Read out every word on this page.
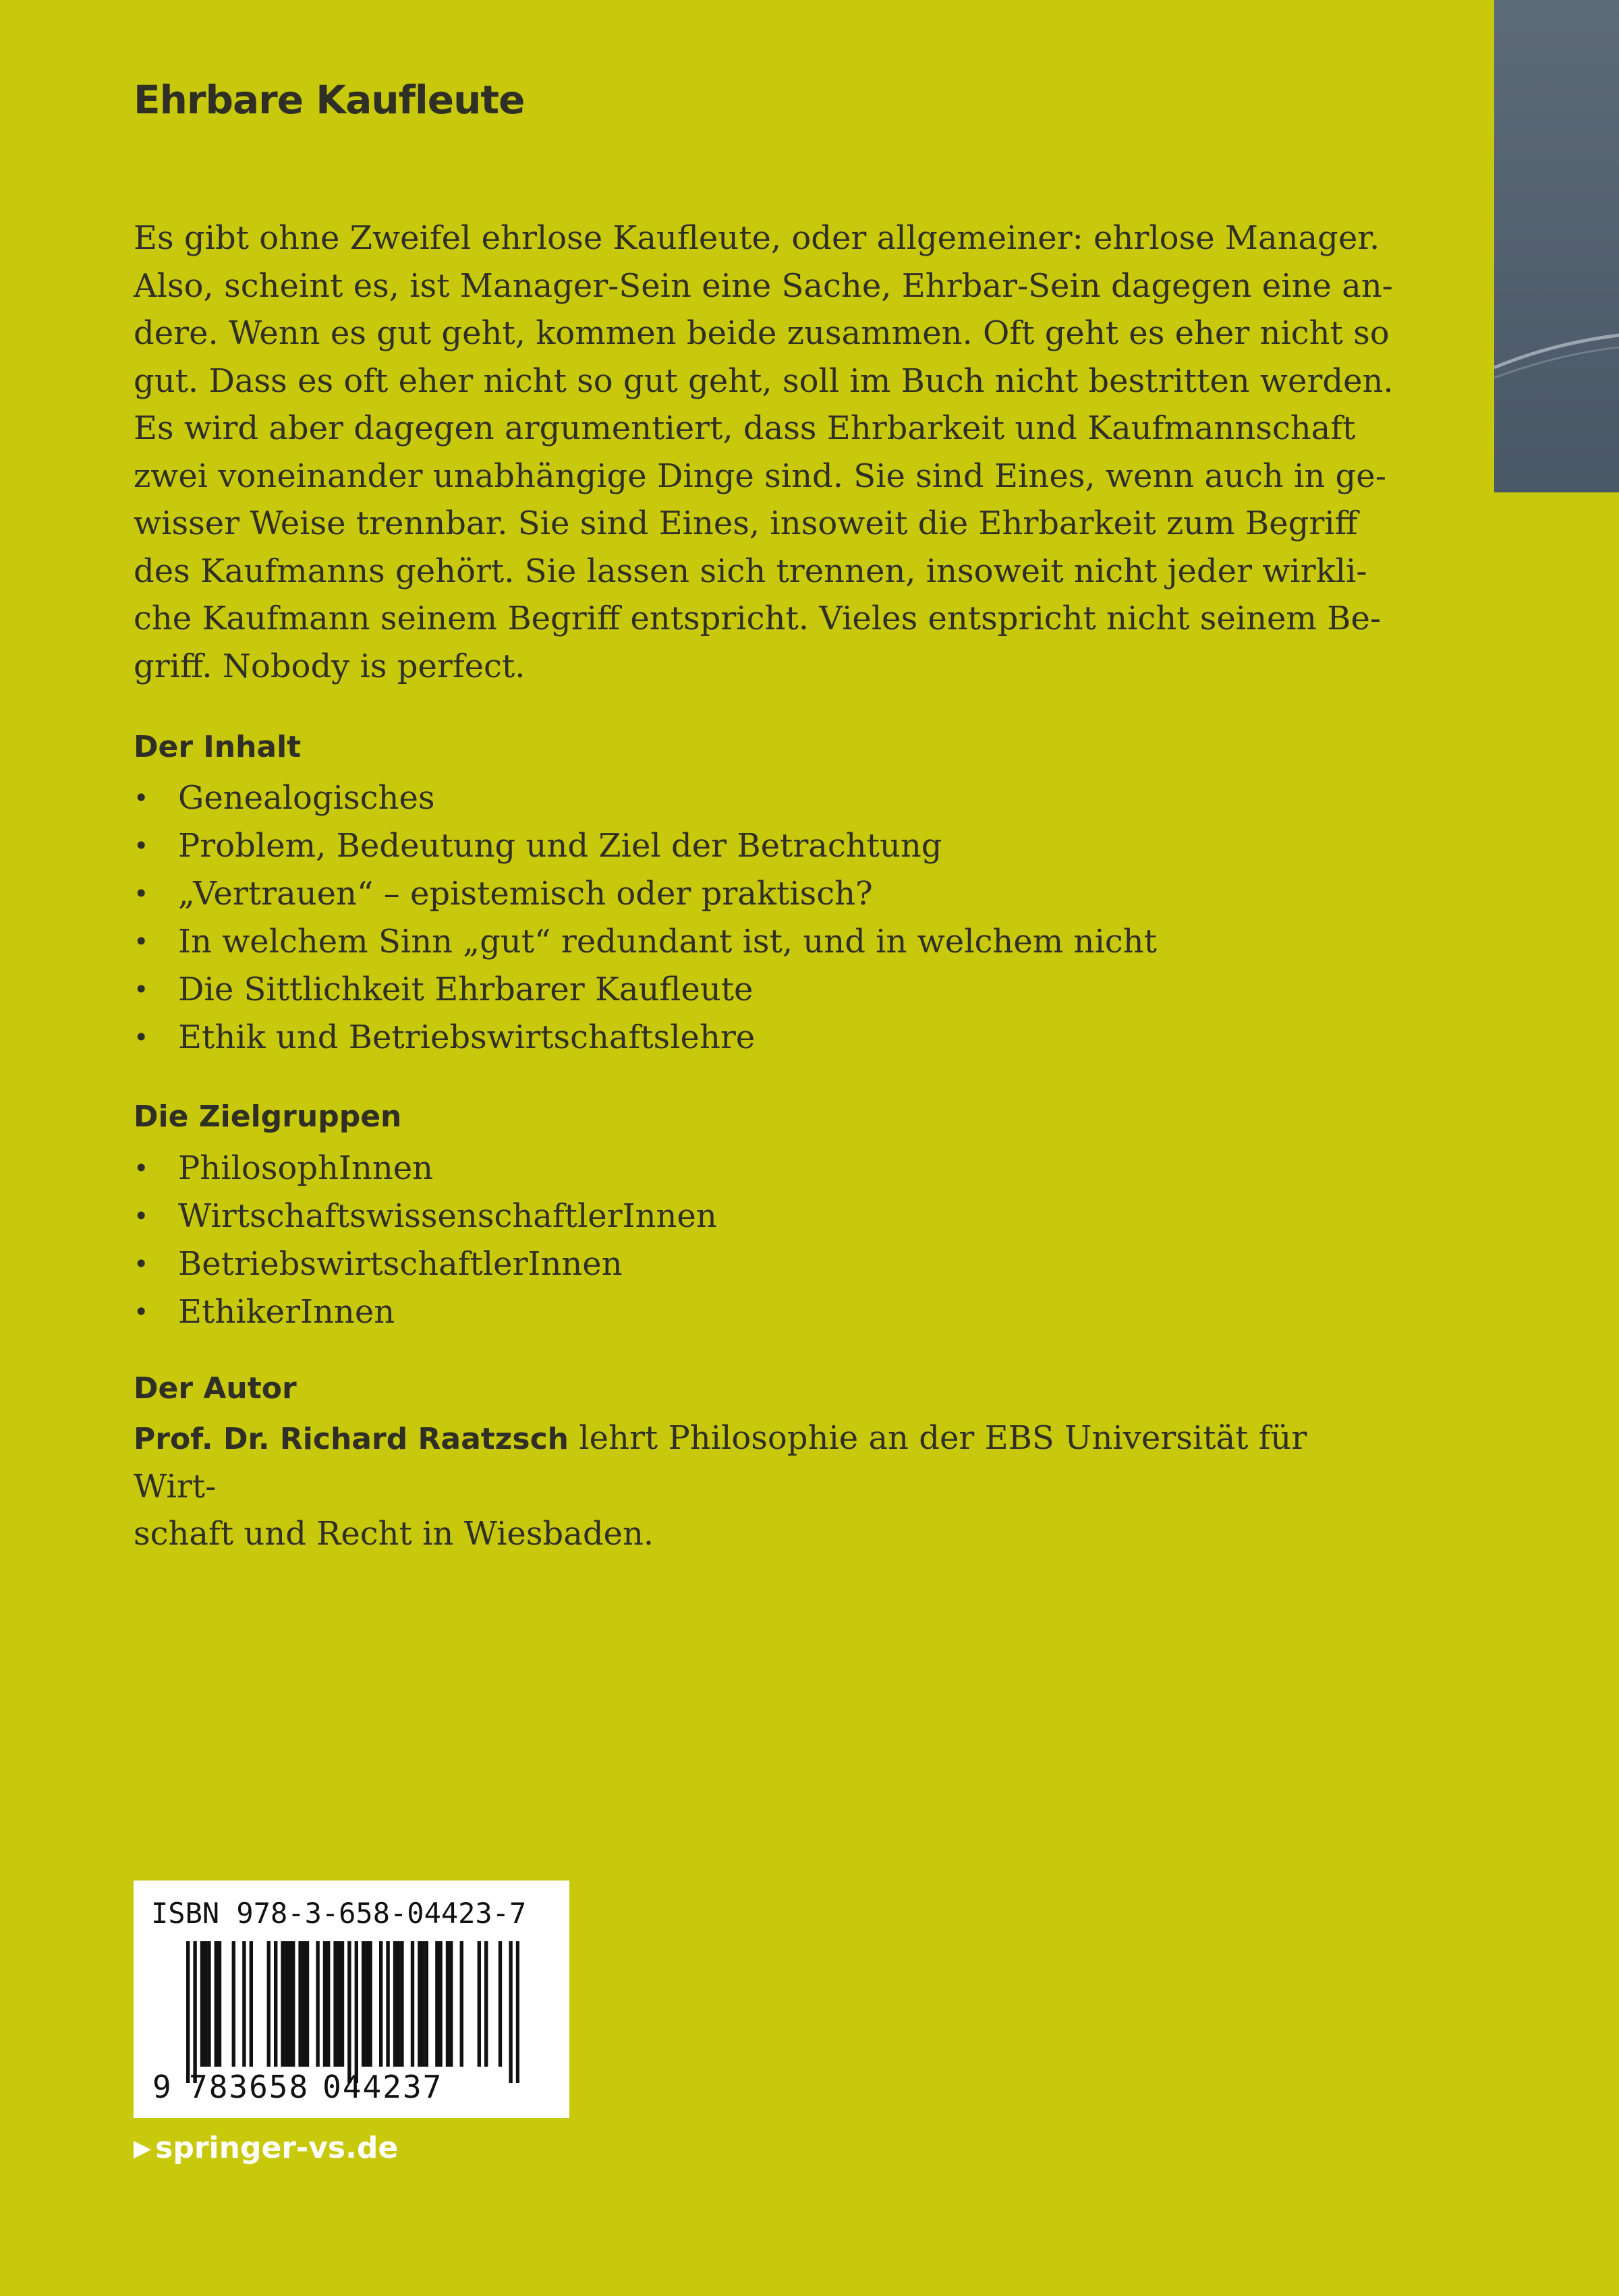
Ehrbare Kaufleute
Es gibt ohne Zweifel ehrlose Kaufleute, oder allgemeiner: ehrlose Manager.
Also, scheint es, ist Manager-Sein eine Sache, Ehrbar-Sein dagegen eine an-
dere. Wenn es gut geht, kommen beide zusammen. Oft geht es eher nicht so
gut. Dass es oft eher nicht so gut geht, soll im Buch nicht bestritten werden.
Es wird aber dagegen argumentiert, dass Ehrbarkeit und Kaufmannschaft
zwei voneinander unabhängige Dinge sind. Sie sind Eines, wenn auch in ge-
wisser Weise trennbar. Sie sind Eines, insoweit die Ehrbarkeit zum Begriff
des Kaufmanns gehört. Sie lassen sich trennen, insoweit nicht jeder wirkli-
che Kaufmann seinem Begriff entspricht. Vieles entspricht nicht seinem Be-
griff. Nobody is perfect.
Der Inhalt
• Genealogisches
• Problem, Bedeutung und Ziel der Betrachtung
• „Vertrauen“ – epistemisch oder praktisch?
• In welchem Sinn „gut“ redundant ist, und in welchem nicht
• Die Sittlichkeit Ehrbarer Kaufleute
• Ethik und Betriebswirtschaftslehre
Die Zielgruppen
• PhilosophInnen
• WirtschaftswissenschaftlerInnen
• BetriebswirtschaftlerInnen
• EthikerInnen
Der Autor

Prof. Dr. Richard Raatzsch lehrt Philosophie an der EBS Universität für Wirt-
schaft und Recht in Wiesbaden.

ISBN 978-3-658-04423-7
9 783658 044237
▶ springer-vs.de
